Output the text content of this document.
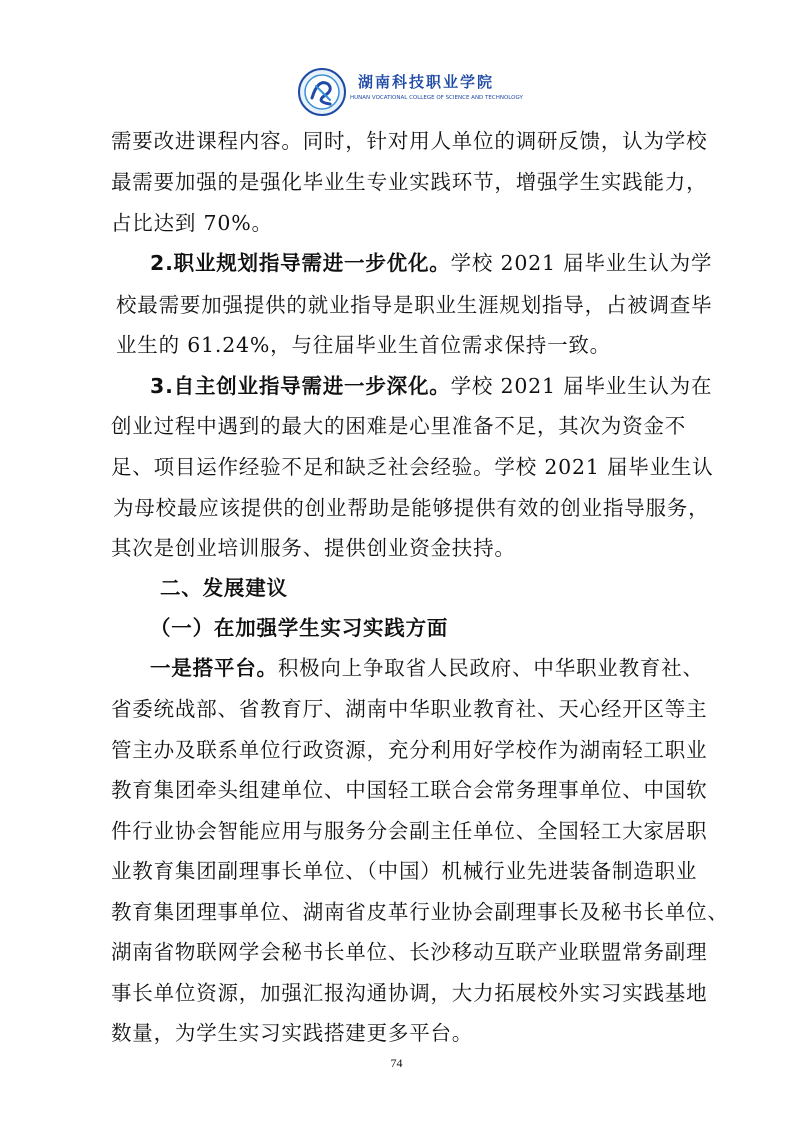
湖南科技职业学院
HUNAN VOCATIONAL COLLEGE OF SCIENCE AND TECHNOLOGY
需要改进课程内容。同时，针对用人单位的调研反馈，认为学校
最需要加强的是强化毕业生专业实践环节，增强学生实践能力，
占比达到 70%。
2.职业规划指导需进一步优化。学校 2021 届毕业生认为学
校最需要加强提供的就业指导是职业生涯规划指导，占被调查毕
业生的 61.24%，与往届毕业生首位需求保持一致。
3.自主创业指导需进一步深化。学校 2021 届毕业生认为在
创业过程中遇到的最大的困难是心里准备不足，其次为资金不
足、项目运作经验不足和缺乏社会经验。学校 2021 届毕业生认
为母校最应该提供的创业帮助是能够提供有效的创业指导服务，
其次是创业培训服务、提供创业资金扶持。
二、发展建议
（一）在加强学生实习实践方面
一是搭平台。积极向上争取省人民政府、中华职业教育社、
省委统战部、省教育厅、湖南中华职业教育社、天心经开区等主
管主办及联系单位行政资源，充分利用好学校作为湖南轻工职业
教育集团牵头组建单位、中国轻工联合会常务理事单位、中国软
件行业协会智能应用与服务分会副主任单位、全国轻工大家居职
业教育集团副理事长单位、（中国）机械行业先进装备制造职业
教育集团理事单位、湖南省皮革行业协会副理事长及秘书长单位、
湖南省物联网学会秘书长单位、长沙移动互联产业联盟常务副理
事长单位资源，加强汇报沟通协调，大力拓展校外实习实践基地
数量，为学生实习实践搭建更多平台。
74
